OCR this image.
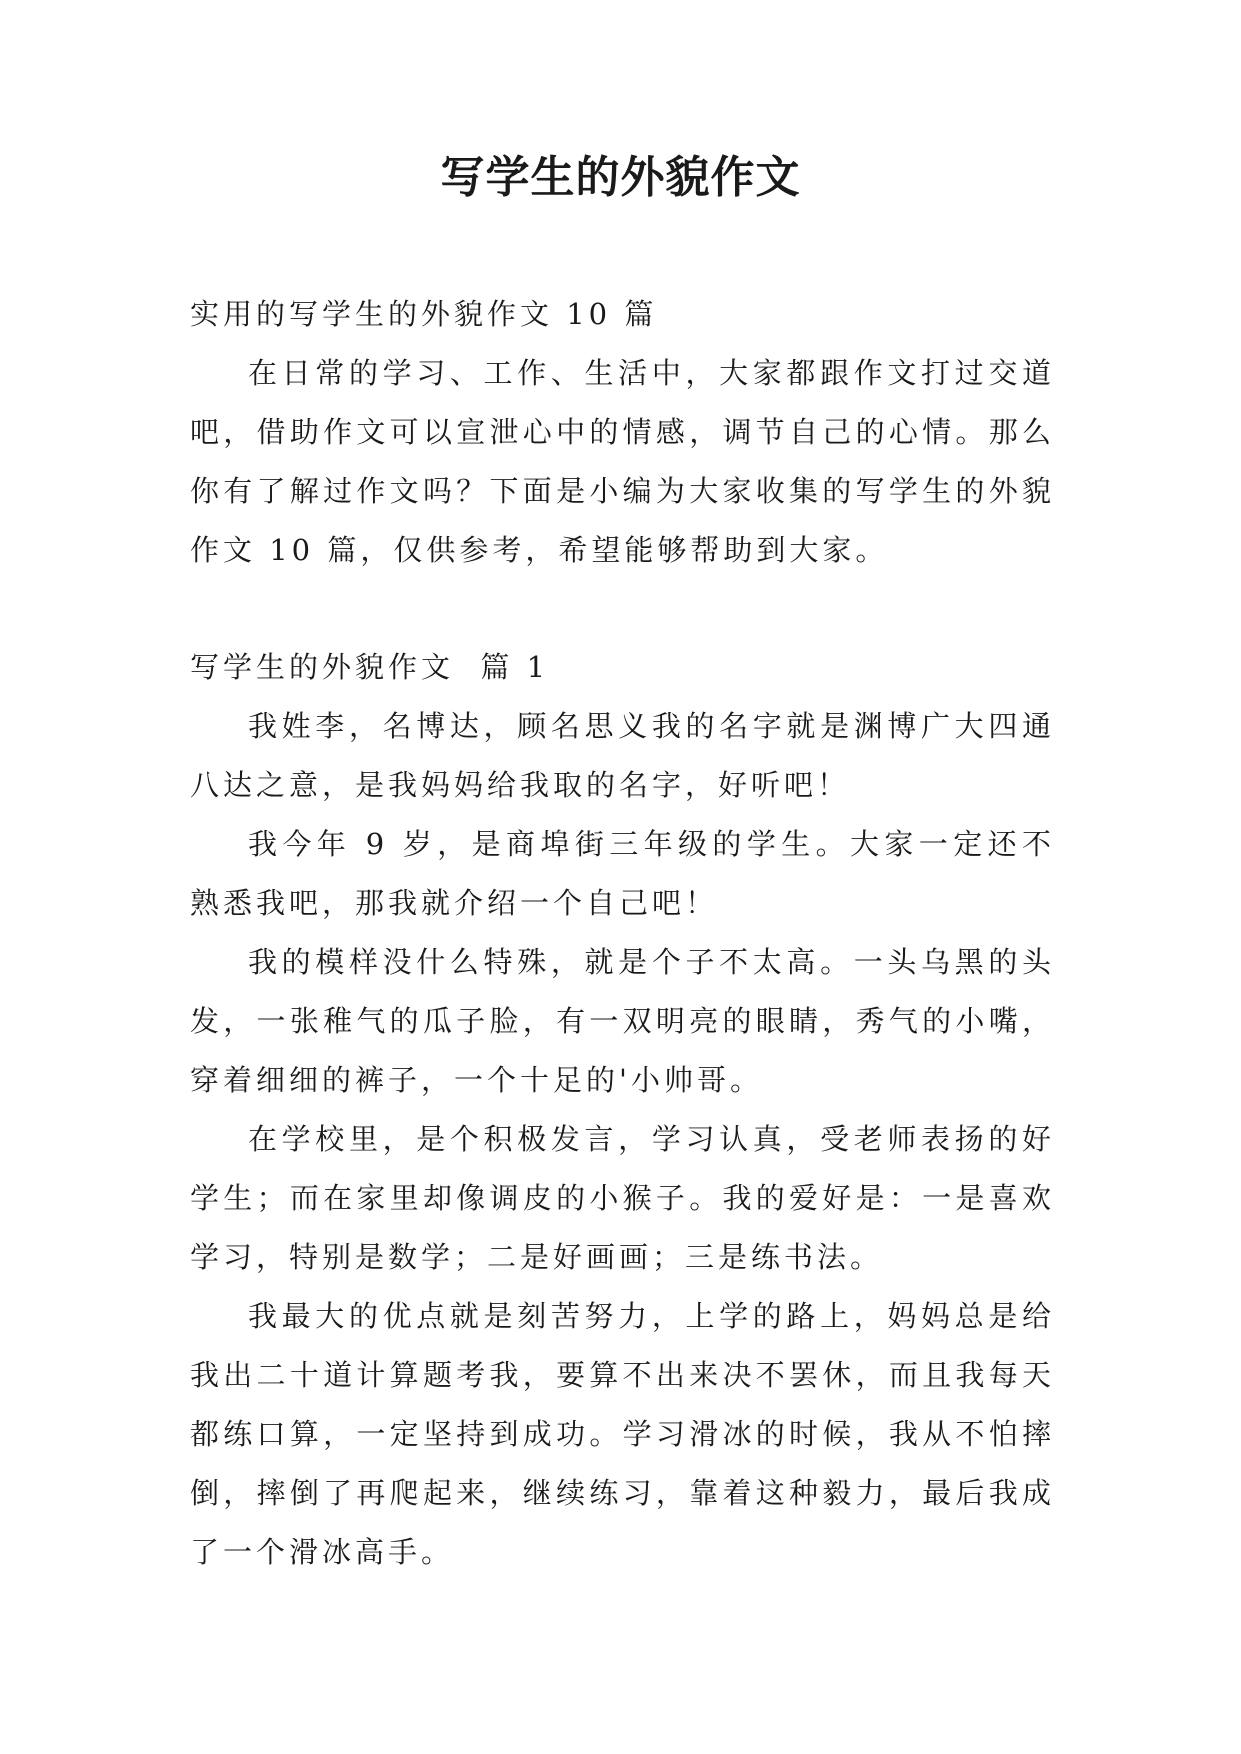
写学生的外貌作文

实用的写学生的外貌作文 10 篇

在日常的学习、工作、生活中，大家都跟作文打过交道吧，借助作文可以宣泄心中的情感，调节自己的心情。那么你有了解过作文吗？下面是小编为大家收集的写学生的外貌作文 10 篇，仅供参考，希望能够帮助到大家。

写学生的外貌作文  篇 1

我姓李，名博达，顾名思义我的名字就是渊博广大四通八达之意，是我妈妈给我取的名字，好听吧！

我今年 9 岁，是商埠街三年级的学生。大家一定还不熟悉我吧，那我就介绍一个自己吧！

我的模样没什么特殊，就是个子不太高。一头乌黑的头发，一张稚气的瓜子脸，有一双明亮的眼睛，秀气的小嘴，穿着细细的裤子，一个十足的'小帅哥。

在学校里，是个积极发言，学习认真，受老师表扬的好学生；而在家里却像调皮的小猴子。我的爱好是：一是喜欢学习，特别是数学；二是好画画；三是练书法。

我最大的优点就是刻苦努力，上学的路上，妈妈总是给我出二十道计算题考我，要算不出来决不罢休，而且我每天都练口算，一定坚持到成功。学习滑冰的时候，我从不怕摔倒，摔倒了再爬起来，继续练习，靠着这种毅力，最后我成了一个滑冰高手。
